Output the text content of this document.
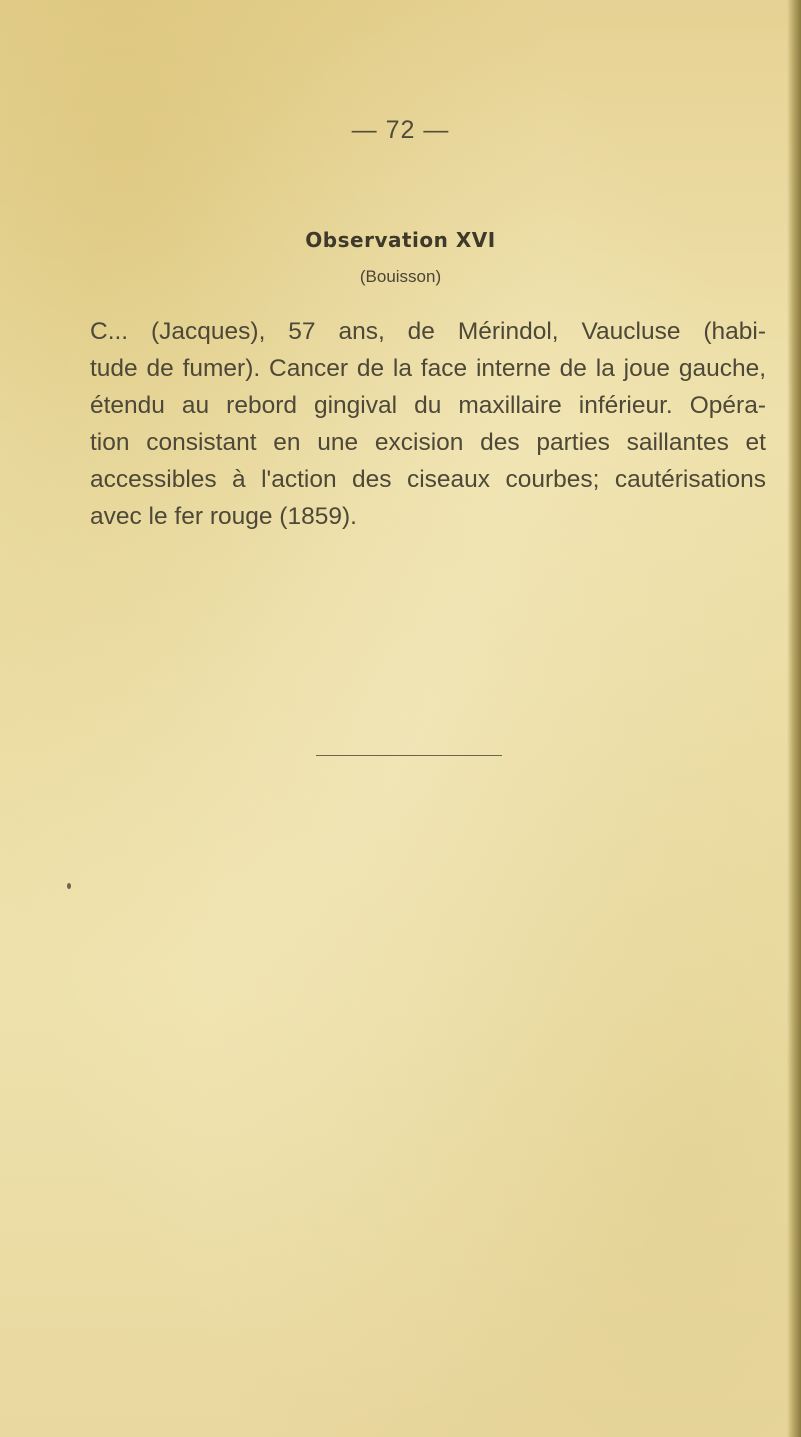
— 72 —
Observation XVI
(Bouisson)
C... (Jacques), 57 ans, de Mérindol, Vaucluse (habi-
tude de fumer). Cancer de la face interne de la joue gauche,
étendu au rebord gingival du maxillaire inférieur. Opéra-
tion consistant en une excision des parties saillantes et
accessibles à l'action des ciseaux courbes; cautérisations
avec le fer rouge (1859).
